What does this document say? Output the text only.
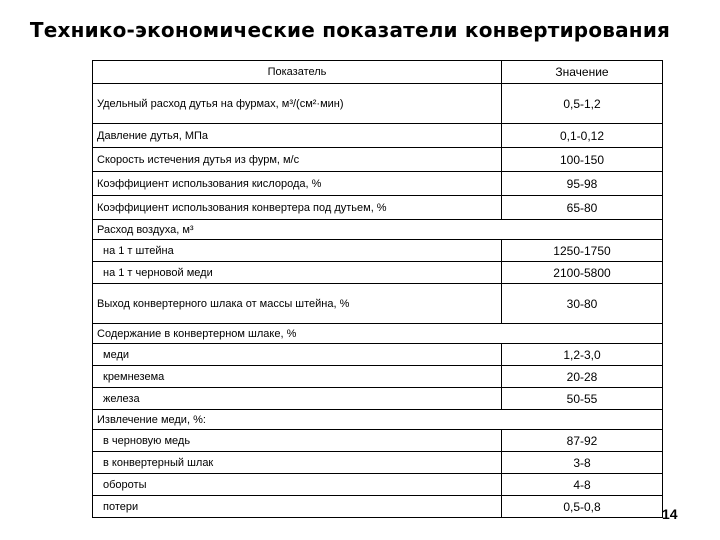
Технико-экономические показатели конвертирования
Показатель	Значение
Удельный расход дутья на фурмах, м³/(см²·мин)	0,5-1,2
Давление дутья, МПа	0,1-0,12
Скорость истечения дутья из фурм, м/с	100-150
Коэффициент использования кислорода, %	95-98
Коэффициент использования конвертера под дутьем, %	65-80
Расход воздуха, м³	
на 1 т штейна	1250-1750
на 1 т черновой меди	2100-5800
Выход конвертерного шлака от массы штейна, %	30-80
Содержание в конвертерном шлаке, %	
меди	1,2-3,0
кремнезема	20-28
железа	50-55
Извлечение меди, %:	
в черновую медь	87-92
в конвертерный шлак	3-8
обороты	4-8
потери	0,5-0,8	14
